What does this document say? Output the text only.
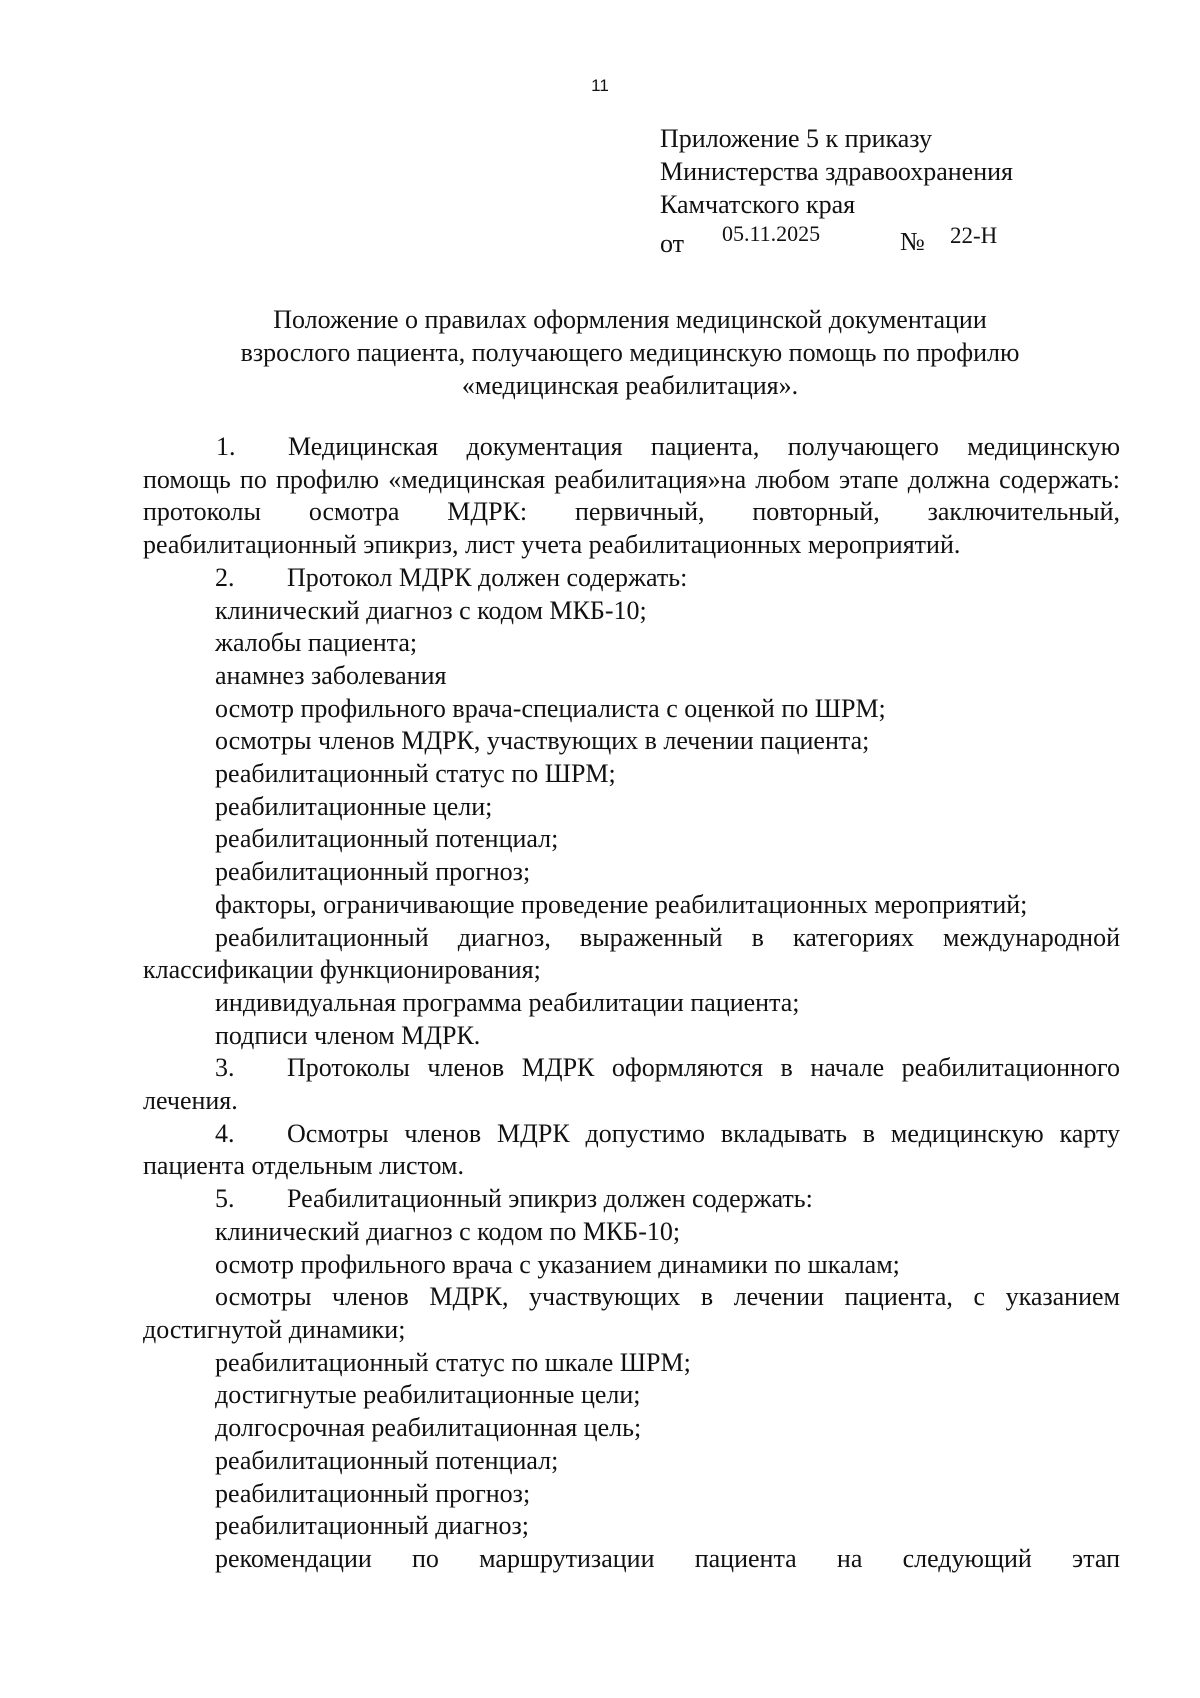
11
Приложение 5 к приказу
Министерства здравоохранения
Камчатского края
от 05.11.2025	№ 22-Н
Положение о правилах оформления медицинской документации
взрослого пациента, получающего медицинскую помощь по профилю
«медицинская реабилитация».

1. Медицинская документация пациента, получающего медицинскую помощь по профилю «медицинская реабилитация»на любом этапе должна содержать: протоколы осмотра МДРК: первичный, повторный, заключительный, реабилитационный эпикриз, лист учета реабилитационных мероприятий.

2. Протокол МДРК должен содержать:

клинический диагноз с кодом МКБ-10;

жалобы пациента;

анамнез заболевания

осмотр профильного врача-специалиста с оценкой по ШРМ;

осмотры членов МДРК, участвующих в лечении пациента;

реабилитационный статус по ШРМ;

реабилитационные цели;

реабилитационный потенциал;

реабилитационный прогноз;

факторы, ограничивающие проведение реабилитационных мероприятий;

реабилитационный диагноз, выраженный в категориях международной классификации функционирования;

индивидуальная программа реабилитации пациента;

подписи членом МДРК.

3. Протоколы членов МДРК оформляются в начале реабилитационного лечения.

4. Осмотры членов МДРК допустимо вкладывать в медицинскую карту пациента отдельным листом.

5. Реабилитационный эпикриз должен содержать:

клинический диагноз с кодом по МКБ-10;

осмотр профильного врача с указанием динамики по шкалам;

осмотры членов МДРК, участвующих в лечении пациента, с указанием достигнутой динамики;

реабилитационный статус по шкале ШРМ;

достигнутые реабилитационные цели;

долгосрочная реабилитационная цель;

реабилитационный потенциал;

реабилитационный прогноз;

реабилитационный диагноз;

рекомендации по маршрутизации пациента на следующий этап
